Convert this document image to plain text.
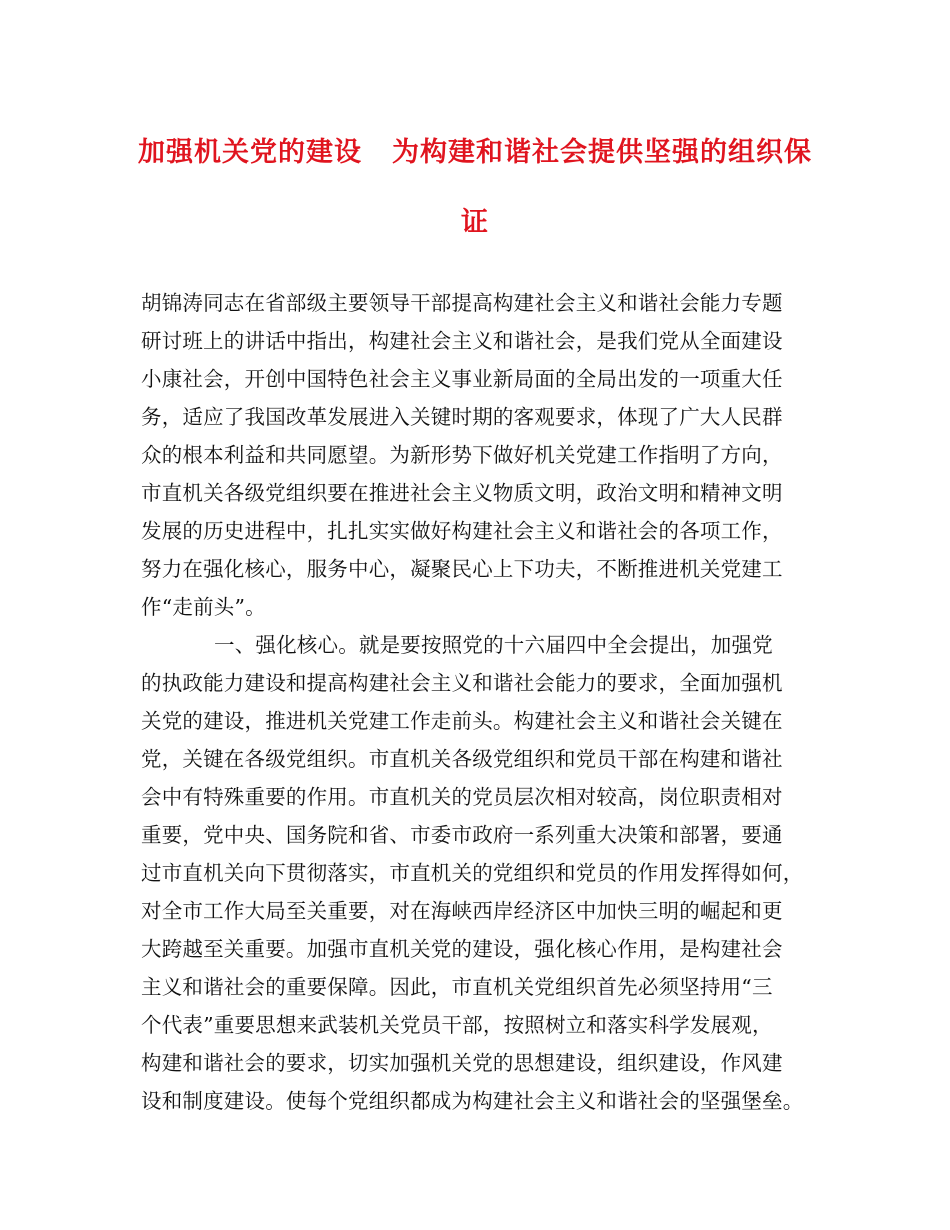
加强机关党的建设 为构建和谐社会提供坚强的组织保
证
胡锦涛同志在省部级主要领导干部提高构建社会主义和谐社会能力专题
研讨班上的讲话中指出，构建社会主义和谐社会，是我们党从全面建设
小康社会，开创中国特色社会主义事业新局面的全局出发的一项重大任
务，适应了我国改革发展进入关键时期的客观要求，体现了广大人民群
众的根本利益和共同愿望。为新形势下做好机关党建工作指明了方向，
市直机关各级党组织要在推进社会主义物质文明，政治文明和精神文明
发展的历史进程中，扎扎实实做好构建社会主义和谐社会的各项工作，
努力在强化核心，服务中心，凝聚民心上下功夫，不断推进机关党建工
作“走前头”。
一、强化核心。就是要按照党的十六届四中全会提出，加强党
的执政能力建设和提高构建社会主义和谐社会能力的要求，全面加强机
关党的建设，推进机关党建工作走前头。构建社会主义和谐社会关键在
党，关键在各级党组织。市直机关各级党组织和党员干部在构建和谐社
会中有特殊重要的作用。市直机关的党员层次相对较高，岗位职责相对
重要，党中央、国务院和省、市委市政府一系列重大决策和部署，要通
过市直机关向下贯彻落实，市直机关的党组织和党员的作用发挥得如何，
对全市工作大局至关重要，对在海峡西岸经济区中加快三明的崛起和更
大跨越至关重要。加强市直机关党的建设，强化核心作用，是构建社会
主义和谐社会的重要保障。因此，市直机关党组织首先必须坚持用“三
个代表”重要思想来武装机关党员干部，按照树立和落实科学发展观，
构建和谐社会的要求，切实加强机关党的思想建设，组织建设，作风建
设和制度建设。使每个党组织都成为构建社会主义和谐社会的坚强堡垒。
